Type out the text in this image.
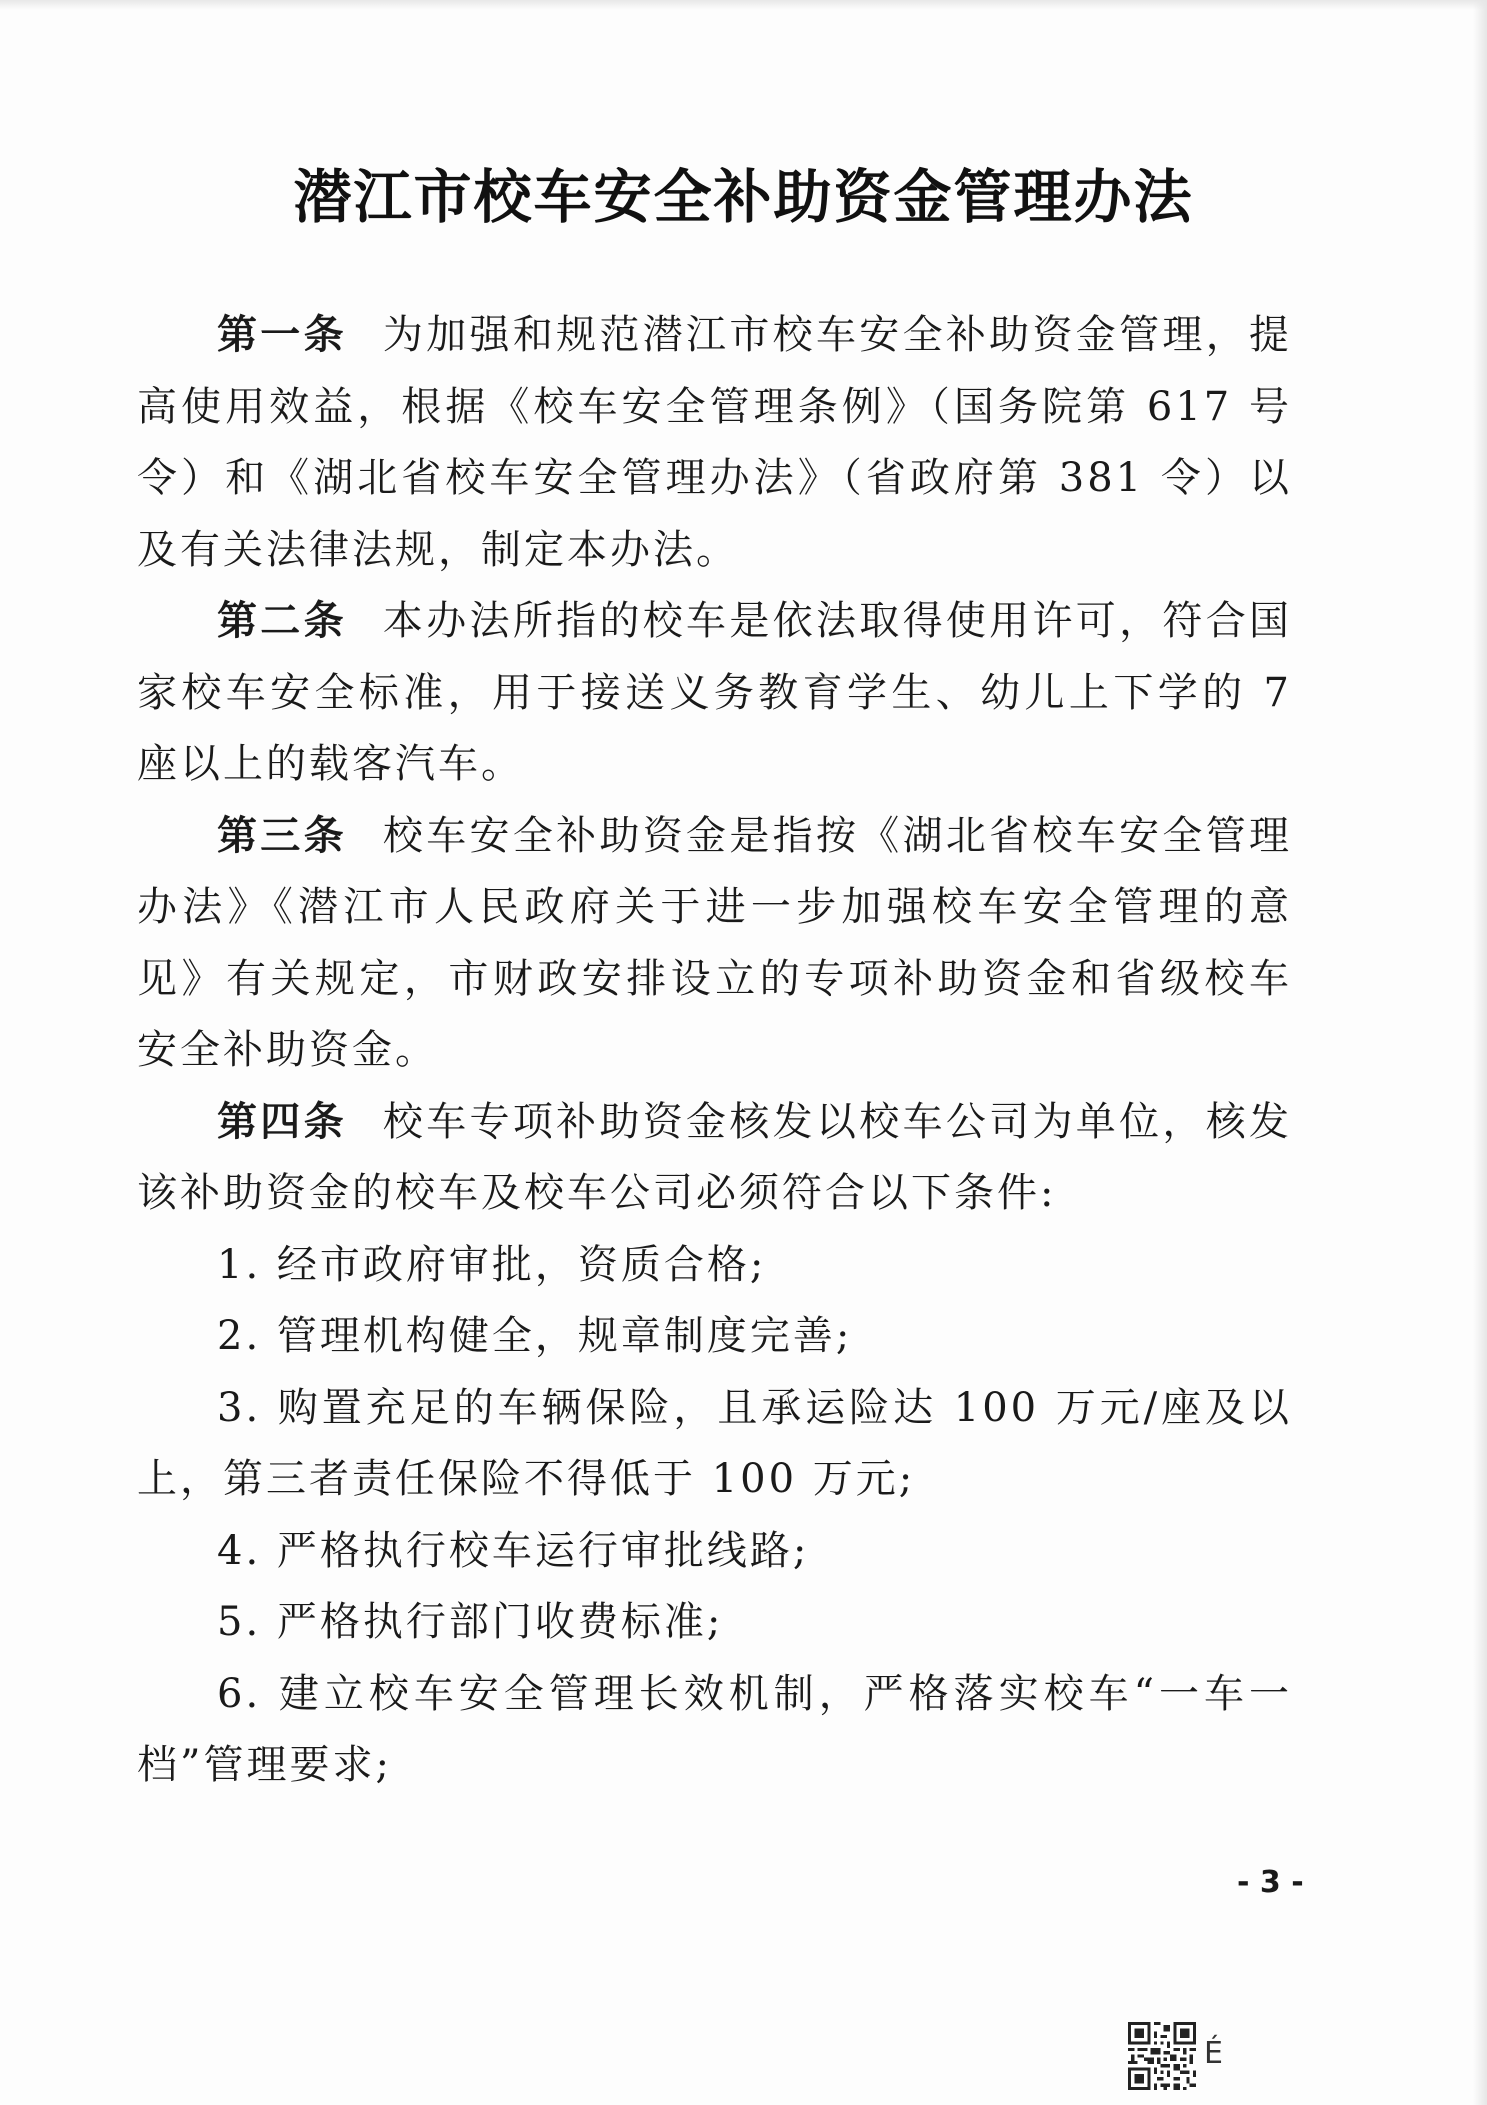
潜江市校车安全补助资金管理办法

第一条 为加强和规范潜江市校车安全补助资金管理，提高使用效益，根据《校车安全管理条例》（国务院第 617 号令）和《湖北省校车安全管理办法》（省政府第 381 令）以及有关法律法规，制定本办法。

第二条 本办法所指的校车是依法取得使用许可，符合国家校车安全标准，用于接送义务教育学生、幼儿上下学的 7 座以上的载客汽车。

第三条 校车安全补助资金是指按《湖北省校车安全管理办法》《潜江市人民政府关于进一步加强校车安全管理的意见》有关规定，市财政安排设立的专项补助资金和省级校车安全补助资金。

第四条 校车专项补助资金核发以校车公司为单位，核发该补助资金的校车及校车公司必须符合以下条件:

1. 经市政府审批，资质合格;

2. 管理机构健全，规章制度完善;

3. 购置充足的车辆保险，且承运险达 100 万元/座及以上，第三者责任保险不得低于 100 万元;

4. 严格执行校车运行审批线路;

5. 严格执行部门收费标准;

6. 建立校车安全管理长效机制，严格落实校车“一车一档”管理要求;

- 3 -
É
